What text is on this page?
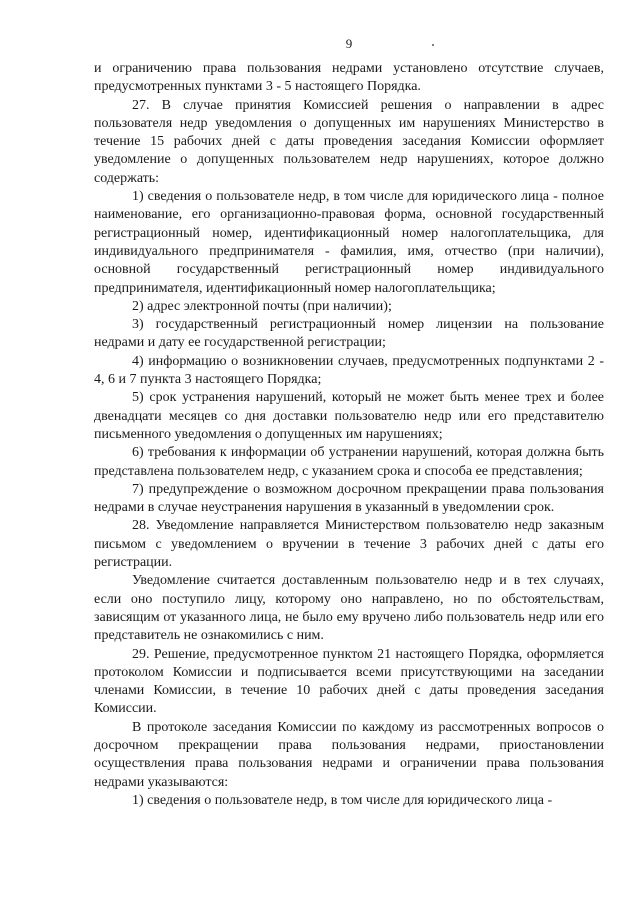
9

и ограничению права пользования недрами установлено отсутствие случаев, предусмотренных пунктами 3 - 5 настоящего Порядка.

27. В случае принятия Комиссией решения о направлении в адрес пользователя недр уведомления о допущенных им нарушениях Министерство в течение 15 рабочих дней с даты проведения заседания Комиссии оформляет уведомление о допущенных пользователем недр нарушениях, которое должно содержать:

1) сведения о пользователе недр, в том числе для юридического лица - полное наименование, его организационно-правовая форма, основной государственный регистрационный номер, идентификационный номер налогоплательщика, для индивидуального предпринимателя - фамилия, имя, отчество (при наличии), основной государственный регистрационный номер индивидуального предпринимателя, идентификационный номер налогоплательщика;

2) адрес электронной почты (при наличии);

3) государственный регистрационный номер лицензии на пользование недрами и дату ее государственной регистрации;

4) информацию о возникновении случаев, предусмотренных подпунктами 2 - 4, 6 и 7 пункта 3 настоящего Порядка;

5) срок устранения нарушений, который не может быть менее трех и более двенадцати месяцев со дня доставки пользователю недр или его представителю письменного уведомления о допущенных им нарушениях;

6) требования к информации об устранении нарушений, которая должна быть представлена пользователем недр, с указанием срока и способа ее представления;

7) предупреждение о возможном досрочном прекращении права пользования недрами в случае неустранения нарушения в указанный в уведомлении срок.

28. Уведомление направляется Министерством пользователю недр заказным письмом с уведомлением о вручении в течение 3 рабочих дней с даты его регистрации.

Уведомление считается доставленным пользователю недр и в тех случаях, если оно поступило лицу, которому оно направлено, но по обстоятельствам, зависящим от указанного лица, не было ему вручено либо пользователь недр или его представитель не ознакомились с ним.

29. Решение, предусмотренное пунктом 21 настоящего Порядка, оформляется протоколом Комиссии и подписывается всеми присутствующими на заседании членами Комиссии, в течение 10 рабочих дней с даты проведения заседания Комиссии.

В протоколе заседания Комиссии по каждому из рассмотренных вопросов о досрочном прекращении права пользования недрами, приостановлении осуществления права пользования недрами и ограничении права пользования недрами указываются:

1) сведения о пользователе недр, в том числе для юридического лица -
